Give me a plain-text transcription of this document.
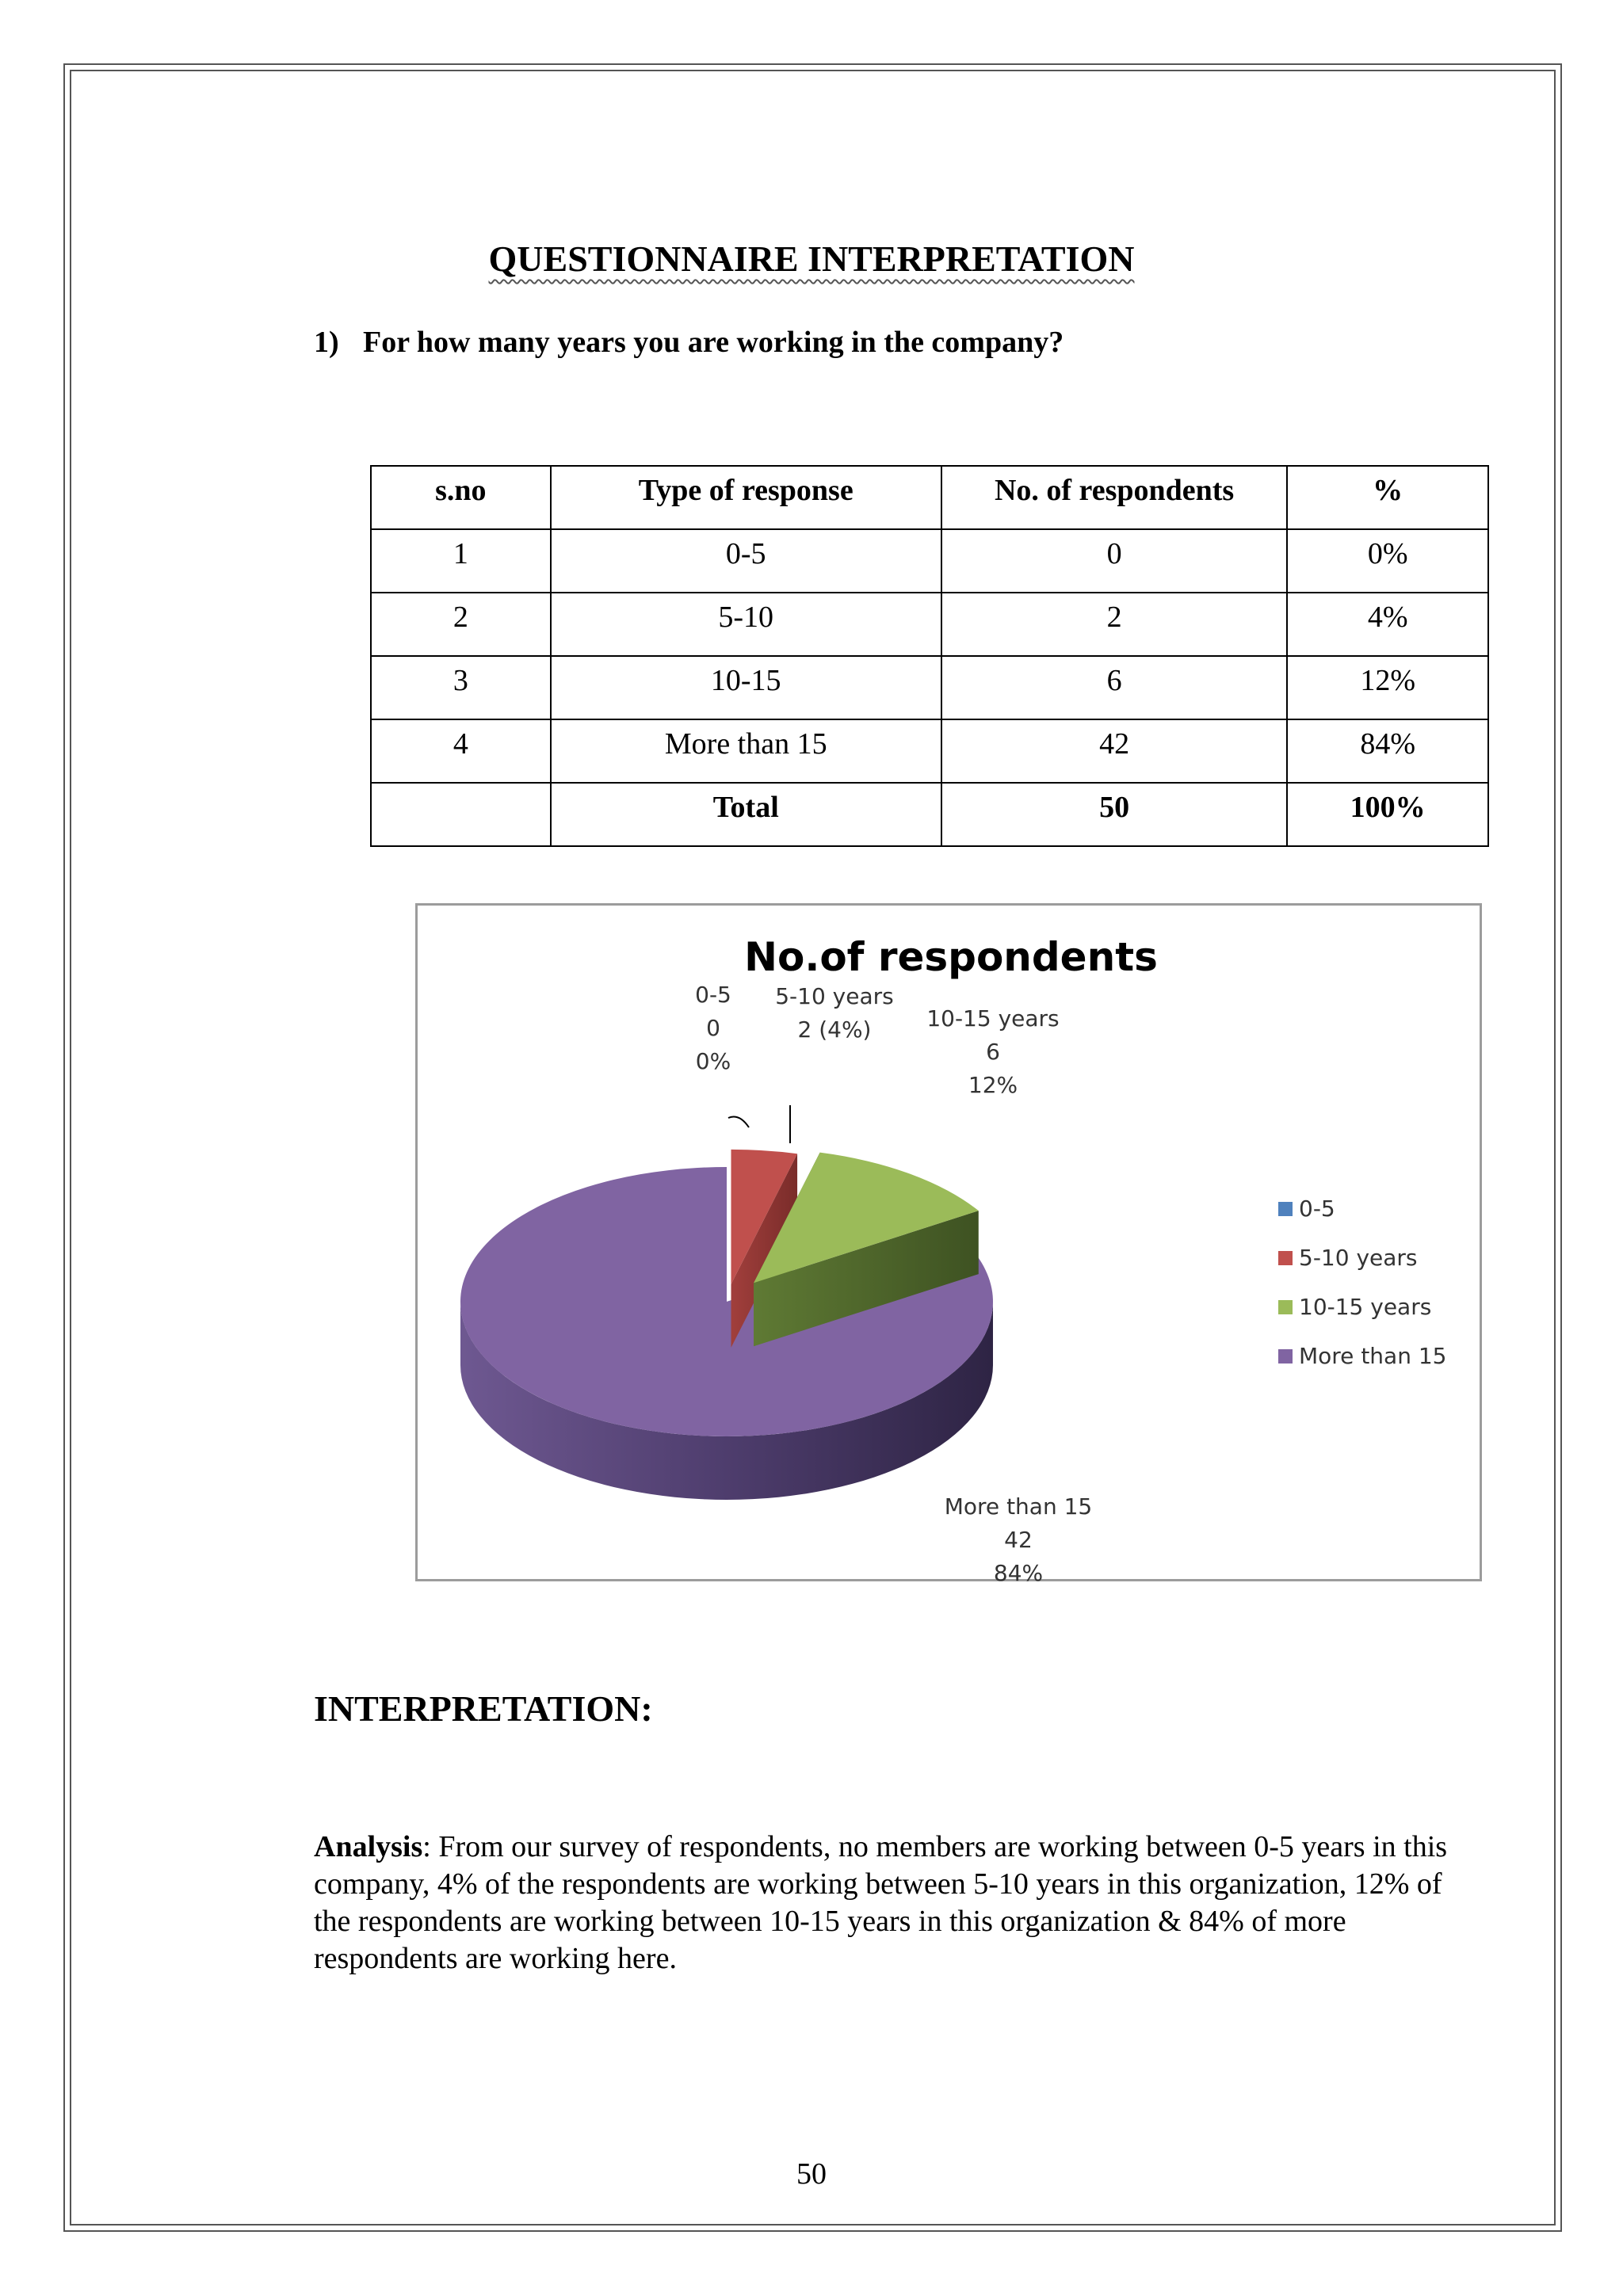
QUESTIONNAIRE INTERPRETATION
1) For how many years you are working in the company?
s.no	Type of response	No. of respondents	%
1	0-5	0	0%
2	5-10	2	4%
3	10-15	6	12%
4	More than 15	42	84%
	Total	50	100%
No.of respondents
0-5
0
0%
5-10 years
2 (4%) 10-15 years
6
12%
More than 15
42
84%
0-5
5-10 years
10-15 years
More than 15
INTERPRETATION:
Analysis: From our survey of respondents, no members are working between 0-5 years in this company, 4% of the respondents are working between 5-10 years in this organization, 12% of the respondents are working between 10-15 years in this organization & 84% of more respondents are working here.
50
